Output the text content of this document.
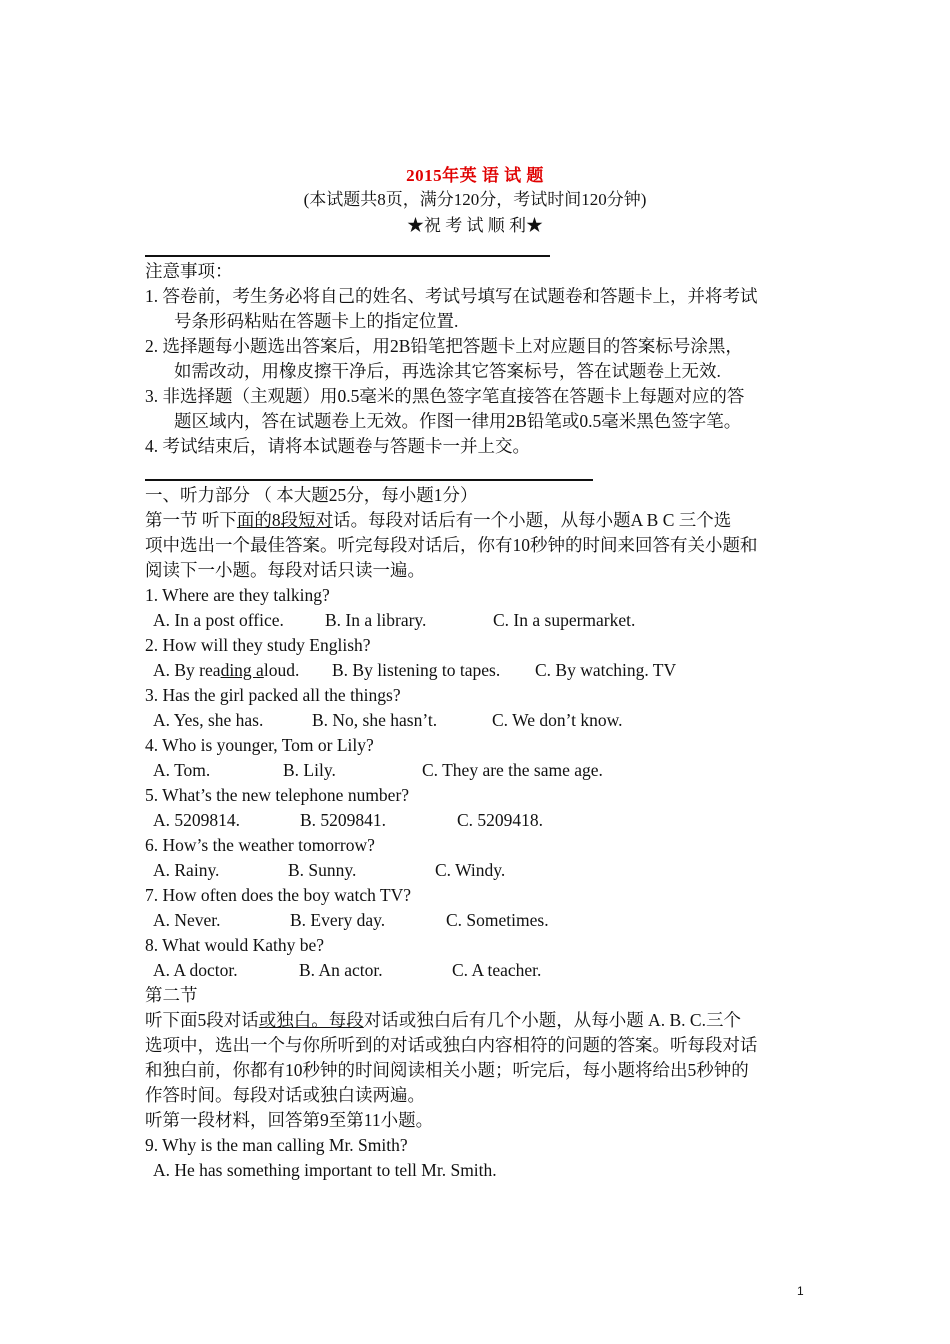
2015年英 语 试 题
(本试题共8页，满分120分，考试时间120分钟)
★祝 考 试 顺 利★
注意事项：
1. 答卷前，考生务必将自己的姓名、考试号填写在试题卷和答题卡上，并将考试
号条形码粘贴在答题卡上的指定位置.
2. 选择题每小题选出答案后，用2B铅笔把答题卡上对应题目的答案标号涂黑，
如需改动，用橡皮擦干净后，再选涂其它答案标号，答在试题卷上无效.
3. 非选择题（主观题）用0.5毫米的黑色签字笔直接答在答题卡上每题对应的答
题区域内，答在试题卷上无效。作图一律用2B铅笔或0.5毫米黑色签字笔。
4. 考试结束后，请将本试题卷与答题卡一并上交。
一、听力部分 （ 本大题25分，每小题1分）
第一节 听下面的8段短对话。每段对话后有一个小题，从每小题A B C 三个选
项中选出一个最佳答案。听完每段对话后，你有10秒钟的时间来回答有关小题和
阅读下一小题。每段对话只读一遍。
1. Where are they talking?
A. In a post office. B. In a library.	C. In a supermarket.
2. How will they study English?
A. By reading aloud. B. By listening to tapes. C. By watching. TV
3. Has the girl packed all the things?
A. Yes, she has.	B. No, she hasn’t.	C. We don’t know.
4. Who is younger, Tom or Lily?
A. Tom.	B. Lily.	C. They are the same age.
5. What’s the new telephone number?
A. 5209814.	B. 5209841.	C. 5209418.
6. How’s the weather tomorrow?
A. Rainy.	B. Sunny.	C. Windy.
7. How often does the boy watch TV?
A. Never.	B. Every day.	C. Sometimes.
8. What would Kathy be?
A. A doctor.	B. An actor.	C. A teacher.
第二节
听下面5段对话或独白。每段对话或独白后有几个小题，从每小题 A. B. C.三个
选项中，选出一个与你所听到的对话或独白内容相符的问题的答案。听每段对话
和独白前，你都有10秒钟的时间阅读相关小题；听完后，每小题将给出5秒钟的
作答时间。每段对话或独白读两遍。
听第一段材料，回答第9至第11小题。
9. Why is the man calling Mr. Smith?
A. He has something important to tell Mr. Smith.
1
